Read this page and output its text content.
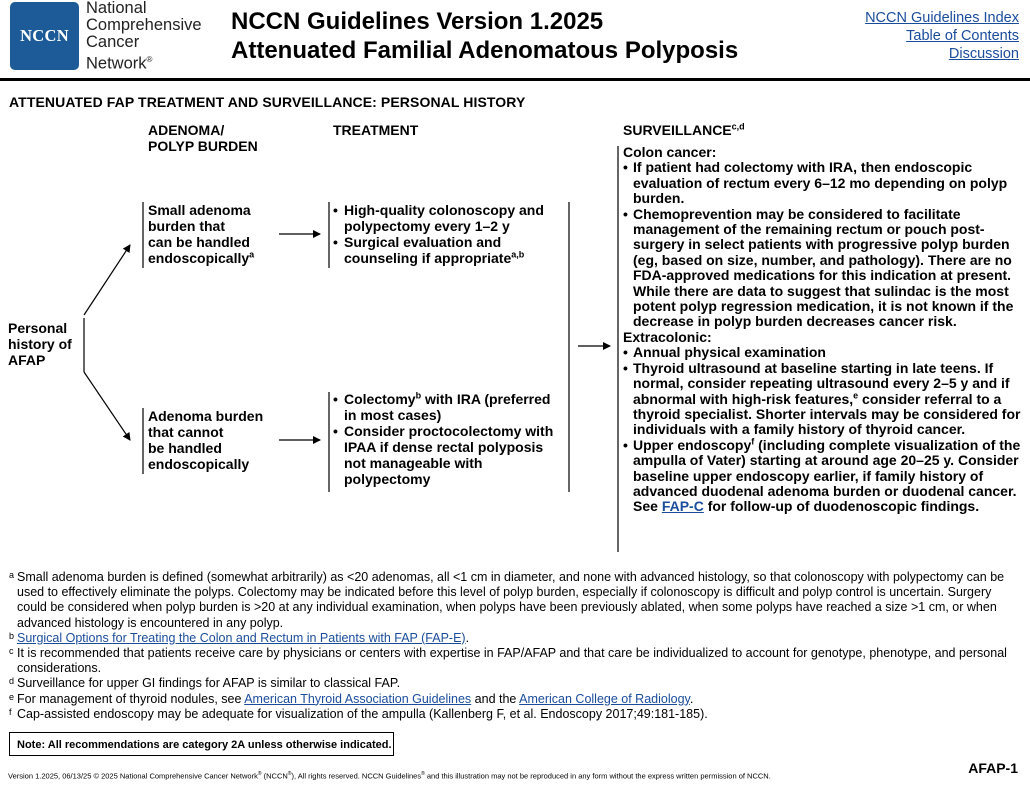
NCCN
National
Comprehensive
Cancer
Network®
NCCN Guidelines Version 1.2025
Attenuated Familial Adenomatous Polyposis
NCCN Guidelines Index
Table of Contents
Discussion
ATTENUATED FAP TREATMENT AND SURVEILLANCE: PERSONAL HISTORY
ADENOMA/
POLYP BURDEN
TREATMENT	SURVEILLANCE$^{c,d}$
Personal
history of
AFAP
Small adenoma
burden that
can be handled
endoscopically$^a$
• High-quality colonoscopy and
polypectomy every 1–2 y
• Surgical evaluation and
counseling if appropriate$^{a,b}$
Adenoma burden
that cannot
be handled
endoscopically
• Colectomy$^b$ with IRA (preferred
in most cases)
• Consider proctocolectomy with
IPAA if dense rectal polyposis
not manageable with
polypectomy
Colon cancer:
• If patient had colectomy with IRA, then endoscopic evaluation of rectum every 6–12 mo depending on polyp burden.
• Chemoprevention may be considered to facilitate management of the remaining rectum or pouch post-surgery in select patients with progressive polyp burden (eg, based on size, number, and pathology). There are no FDA-approved medications for this indication at present. While there are data to suggest that sulindac is the most potent polyp regression medication, it is not known if the decrease in polyp burden decreases cancer risk.
Extracolonic:
• Annual physical examination
• Thyroid ultrasound at baseline starting in late teens. If normal, consider repeating ultrasound every 2–5 y and if abnormal with high-risk features,$^e$ consider referral to a thyroid specialist. Shorter intervals may be considered for individuals with a family history of thyroid cancer.
• Upper endoscopy$^f$ (including complete visualization of the ampulla of Vater) starting at around age 20–25 y. Consider baseline upper endoscopy earlier, if family history of advanced duodenal adenoma burden or duodenal cancer. See FAP-C for follow-up of duodenoscopic findings.
a Small adenoma burden is defined (somewhat arbitrarily) as <20 adenomas, all <1 cm in diameter, and none with advanced histology, so that colonoscopy with polypectomy can be used to effectively eliminate the polyps. Colectomy may be indicated before this level of polyp burden, especially if colonoscopy is difficult and polyp control is uncertain. Surgery could be considered when polyp burden is >20 at any individual examination, when polyps have been previously ablated, when some polyps have reached a size >1 cm, or when advanced histology is encountered in any polyp.
b Surgical Options for Treating the Colon and Rectum in Patients with FAP (FAP-E).
c It is recommended that patients receive care by physicians or centers with expertise in FAP/AFAP and that care be individualized to account for genotype, phenotype, and personal considerations.
d Surveillance for upper GI findings for AFAP is similar to classical FAP.
e For management of thyroid nodules, see American Thyroid Association Guidelines and the American College of Radiology.
f Cap-assisted endoscopy may be adequate for visualization of the ampulla (Kallenberg F, et al. Endoscopy 2017;49:181-185).
Note: All recommendations are category 2A unless otherwise indicated.
Version 1.2025, 06/13/25 © 2025 National Comprehensive Cancer Network® (NCCN®), All rights reserved. NCCN Guidelines® and this illustration may not be reproduced in any form without the express written permission of NCCN.	AFAP-1
